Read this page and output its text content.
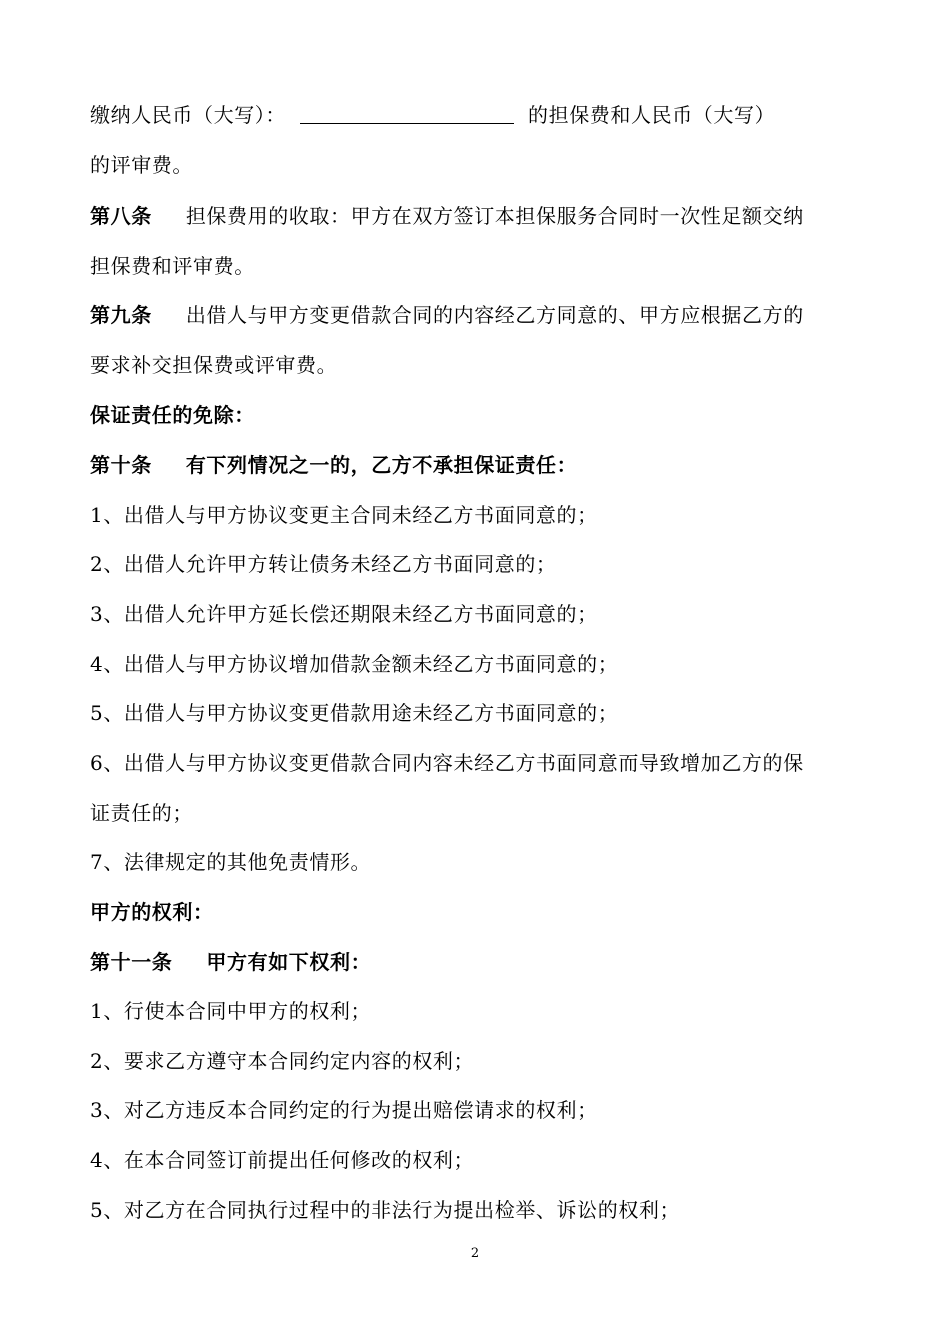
缴纳人民币（大写）：	的担保费和人民币（大写）
的评审费。
第八条 担保费用的收取：甲方在双方签订本担保服务合同时一次性足额交纳
担保费和评审费。
第九条 出借人与甲方变更借款合同的内容经乙方同意的、甲方应根据乙方的
要求补交担保费或评审费。
保证责任的免除：
第十条 有下列情况之一的，乙方不承担保证责任：
1、出借人与甲方协议变更主合同未经乙方书面同意的；
2、出借人允许甲方转让债务未经乙方书面同意的；
3、出借人允许甲方延长偿还期限未经乙方书面同意的；
4、出借人与甲方协议增加借款金额未经乙方书面同意的；
5、出借人与甲方协议变更借款用途未经乙方书面同意的；
6、出借人与甲方协议变更借款合同内容未经乙方书面同意而导致增加乙方的保
证责任的；
7、法律规定的其他免责情形。
甲方的权利：
第十一条 甲方有如下权利：
1、行使本合同中甲方的权利；
2、要求乙方遵守本合同约定内容的权利；
3、对乙方违反本合同约定的行为提出赔偿请求的权利；
4、在本合同签订前提出任何修改的权利；
5、对乙方在合同执行过程中的非法行为提出检举、诉讼的权利；
2
